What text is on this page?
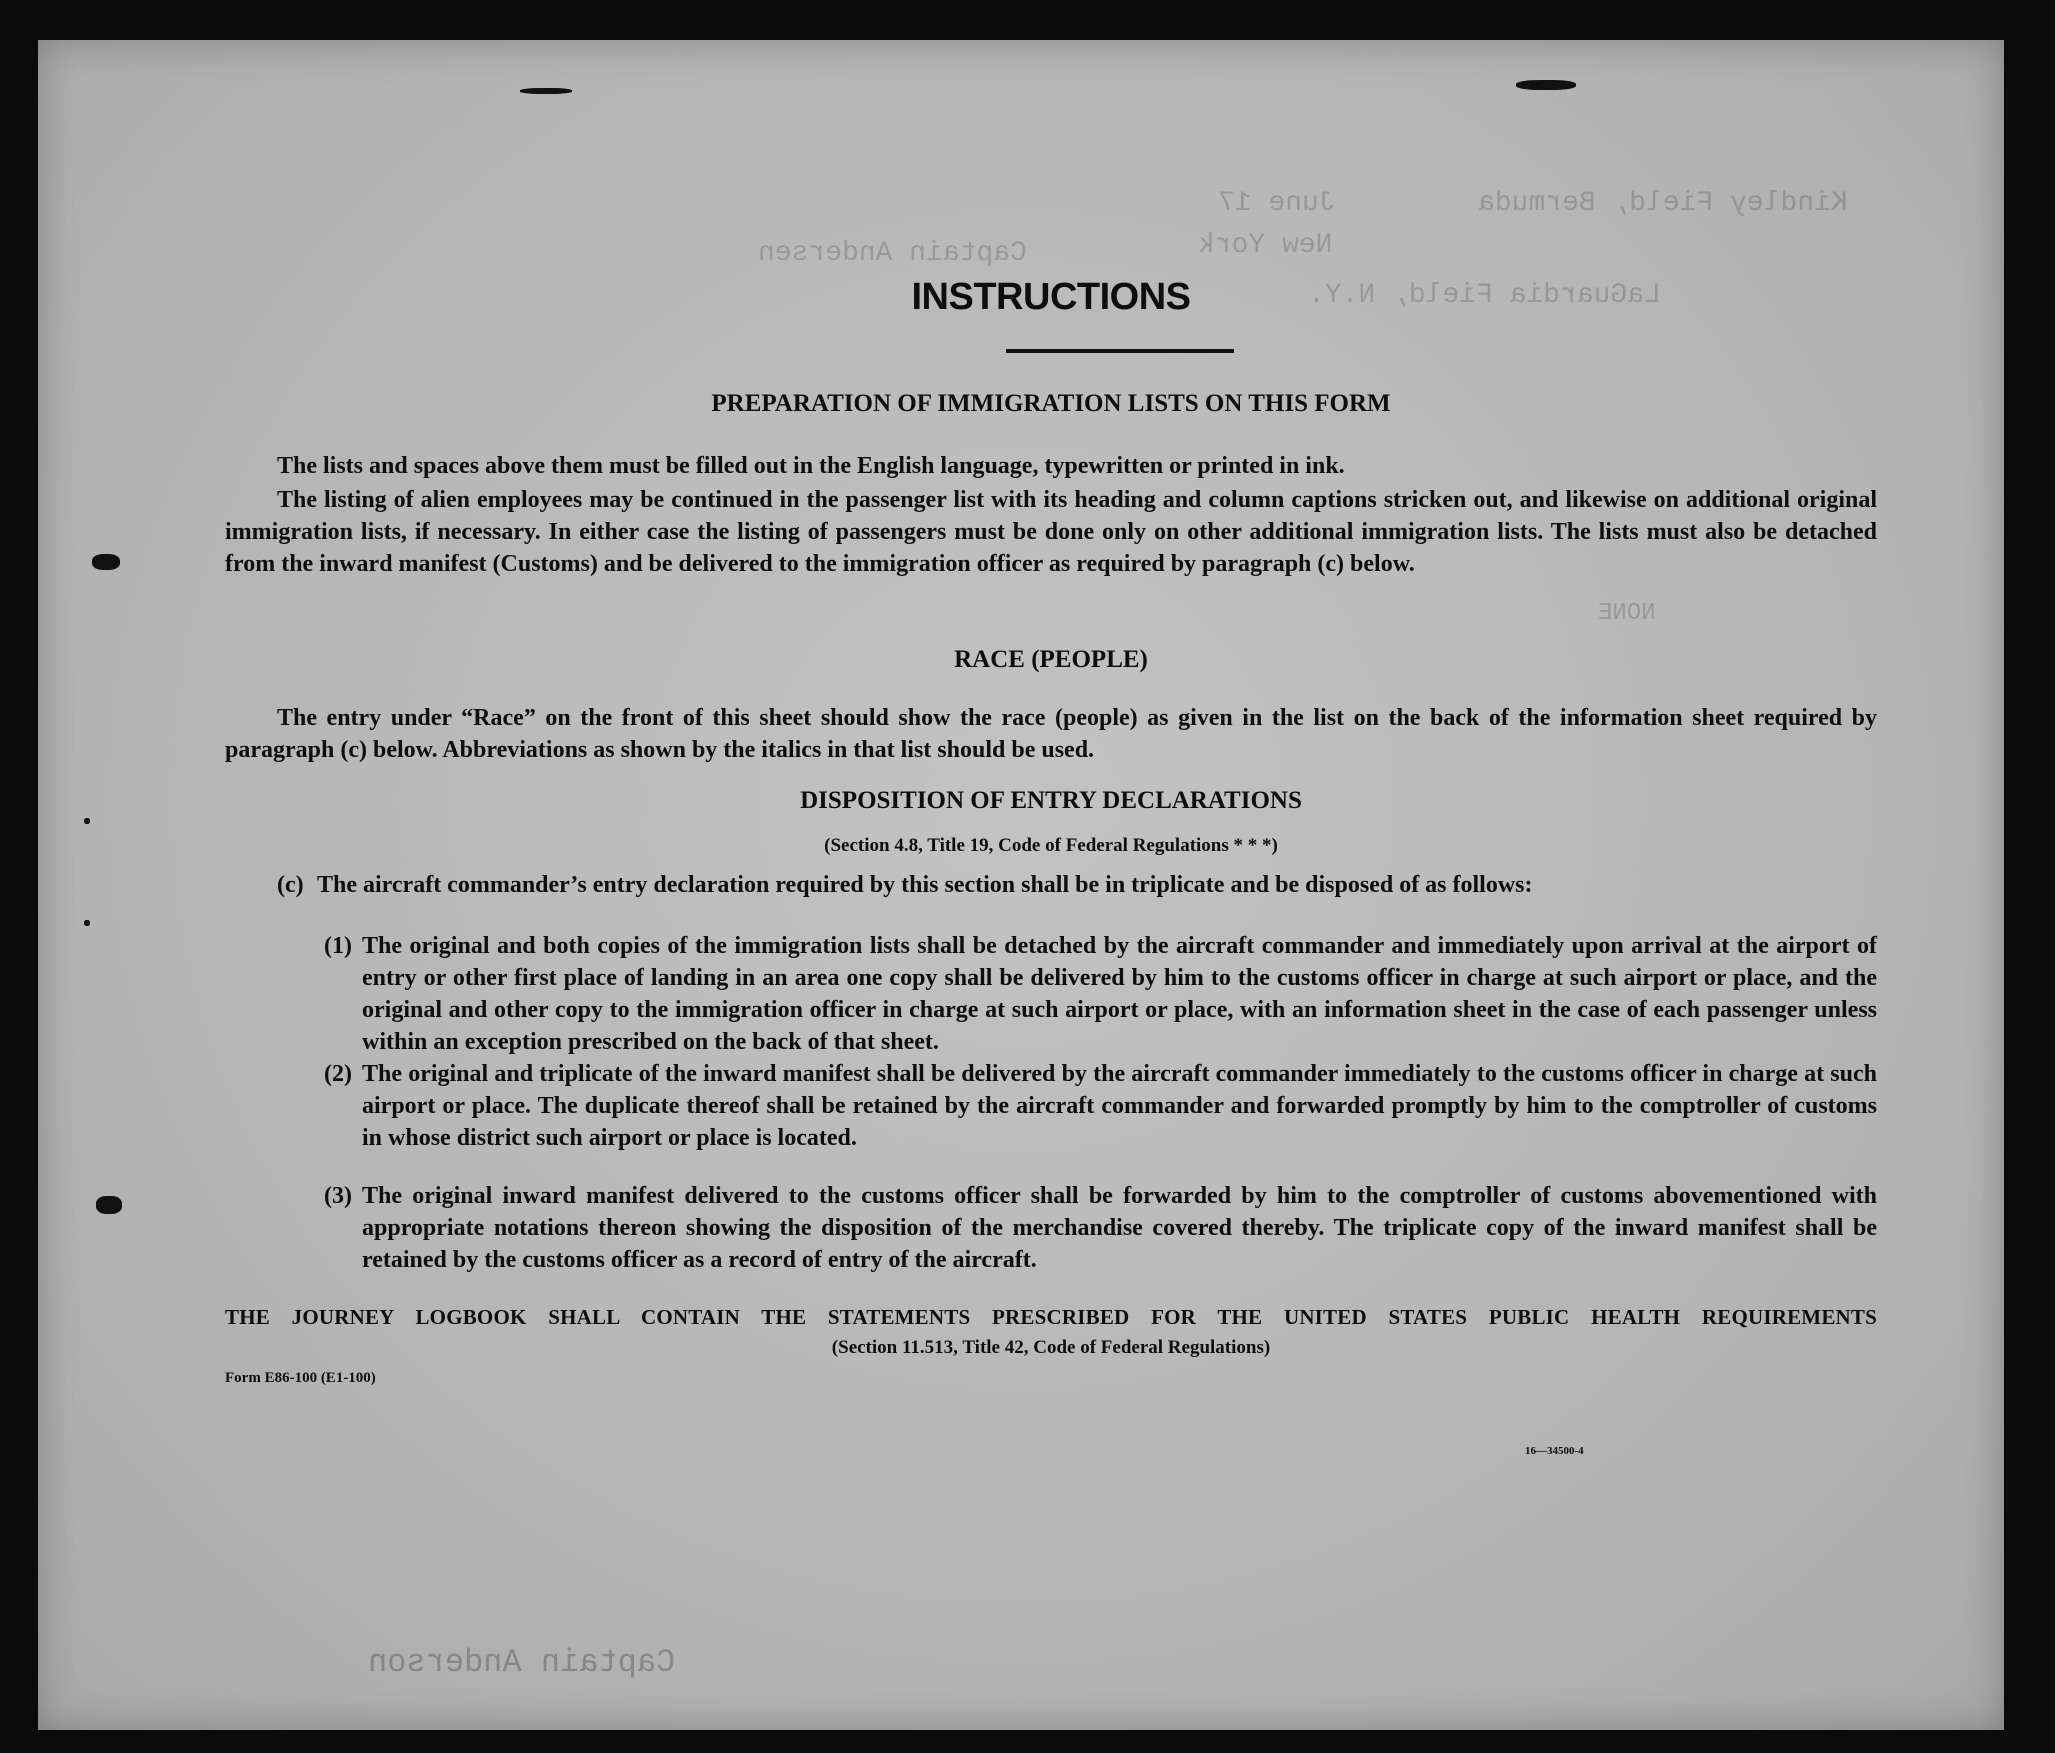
Kindley Field, Bermuda
June 17
New York
Captain Andersen
LaGuardia Field, N.Y.
NONE
Captain Anderson
INSTRUCTIONS
PREPARATION OF IMMIGRATION LISTS ON THIS FORM
The lists and spaces above them must be filled out in the English language, typewritten or printed in ink.
The listing of alien employees may be continued in the passenger list with its heading and column captions stricken out, and likewise on additional original immigration lists, if necessary. In either case the listing of passengers must be done only on other additional immigration lists. The lists must also be detached from the inward manifest (Customs) and be delivered to the immigration officer as required by paragraph (c) below.
RACE (PEOPLE)
The entry under “Race” on the front of this sheet should show the race (people) as given in the list on the back of the information sheet required by paragraph (c) below. Abbreviations as shown by the italics in that list should be used.
DISPOSITION OF ENTRY DECLARATIONS
(Section 4.8, Title 19, Code of Federal Regulations * * *)
(c) The aircraft commander’s entry declaration required by this section shall be in triplicate and be disposed of as follows:
(1) The original and both copies of the immigration lists shall be detached by the aircraft commander and immediately upon arrival at the airport of entry or other first place of landing in an area one copy shall be delivered by him to the customs officer in charge at such airport or place, and the original and other copy to the immigration officer in charge at such airport or place, with an information sheet in the case of each passenger unless within an exception prescribed on the back of that sheet.
(2) The original and triplicate of the inward manifest shall be delivered by the aircraft commander immediately to the customs officer in charge at such airport or place. The duplicate thereof shall be retained by the aircraft commander and forwarded promptly by him to the comptroller of customs in whose district such airport or place is located.
(3) The original inward manifest delivered to the customs officer shall be forwarded by him to the comptroller of customs abovementioned with appropriate notations thereon showing the disposition of the merchandise covered thereby. The triplicate copy of the inward manifest shall be retained by the customs officer as a record of entry of the aircraft.
THE JOURNEY LOGBOOK SHALL CONTAIN THE STATEMENTS PRESCRIBED FOR THE UNITED STATES PUBLIC HEALTH REQUIREMENTS
(Section 11.513, Title 42, Code of Federal Regulations)
Form E86-100 (E1-100)
16—34500-4
